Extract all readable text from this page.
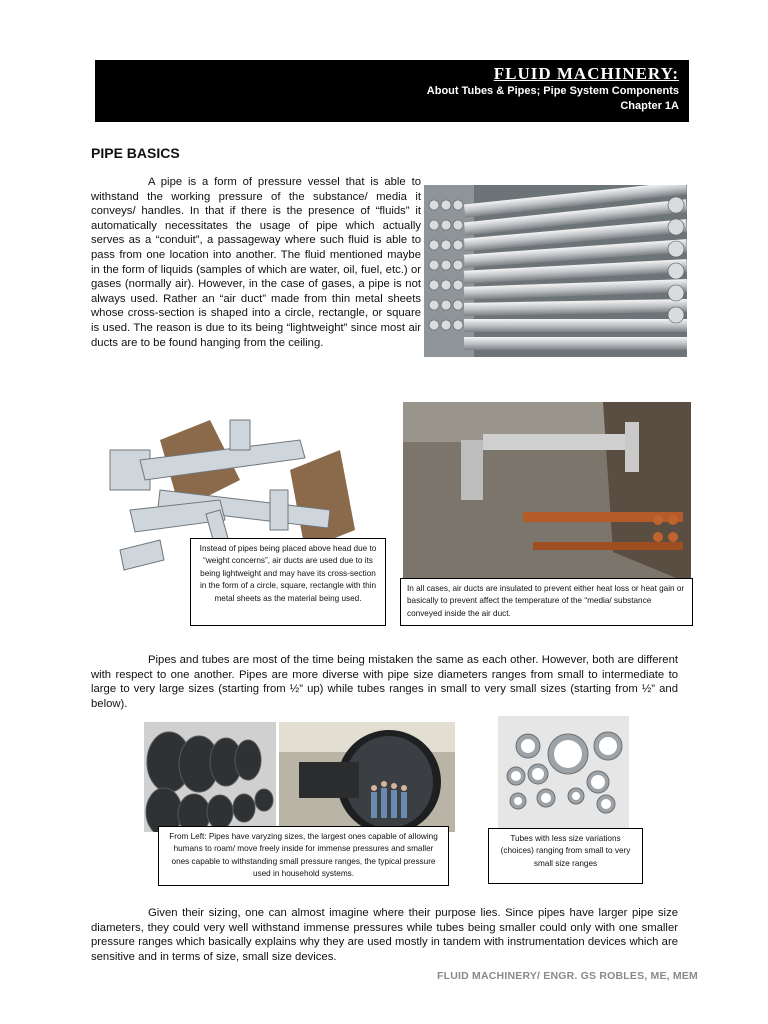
FLUID MACHINERY:
About Tubes & Pipes; Pipe System Components
Chapter 1A
PIPE BASICS

A pipe is a form of pressure vessel that is able to withstand the working pressure of the substance/ media it conveys/ handles. In that if there is the presence of “fluids” it automatically necessitates the usage of pipe which actually serves as a “conduit”, a passageway where such fluid is able to pass from one location into another. The fluid mentioned maybe in the form of liquids (samples of which are water, oil, fuel, etc.) or gases (normally air). However, in the case of gases, a pipe is not always used. Rather an “air duct” made from thin metal sheets whose cross-section is shaped into a circle, rectangle, or square is used. The reason is due to its being “lightweight” since most air ducts are to be found hanging from the ceiling.

Instead of pipes being placed above head due to “weight concerns”, air ducts are used due to its being lightweight and may have its cross-section in the form of a circle, square, rectangle with thin metal sheets as the material being used.
In all cases, air ducts are insulated to prevent either heat loss or heat gain or basically to prevent affect the temperature of the “media/ substance conveyed inside the air duct.

Pipes and tubes are most of the time being mistaken the same as each other. However, both are different with respect to one another. Pipes are more diverse with pipe size diameters ranges from small to intermediate to large to very large sizes (starting from ½” up) while tubes ranges in small to very small sizes (starting from ½” and below).

From Left: Pipes have varyzing sizes, the largest ones capable of allowing humans to roam/ move freely inside for immense pressures and smaller ones capable to withstanding small pressure ranges, the typical pressure used in household systems.
Tubes with less size variations (choices) ranging from small to very small size ranges

Given their sizing, one can almost imagine where their purpose lies. Since pipes have larger pipe size diameters, they could very well withstand immense pressures while tubes being smaller could only with one smaller pressure ranges which basically explains why they are used mostly in tandem with instrumentation devices which are sensitive and in terms of size, small size devices.

FLUID MACHINERY/ ENGR. GS ROBLES, ME, MEM
